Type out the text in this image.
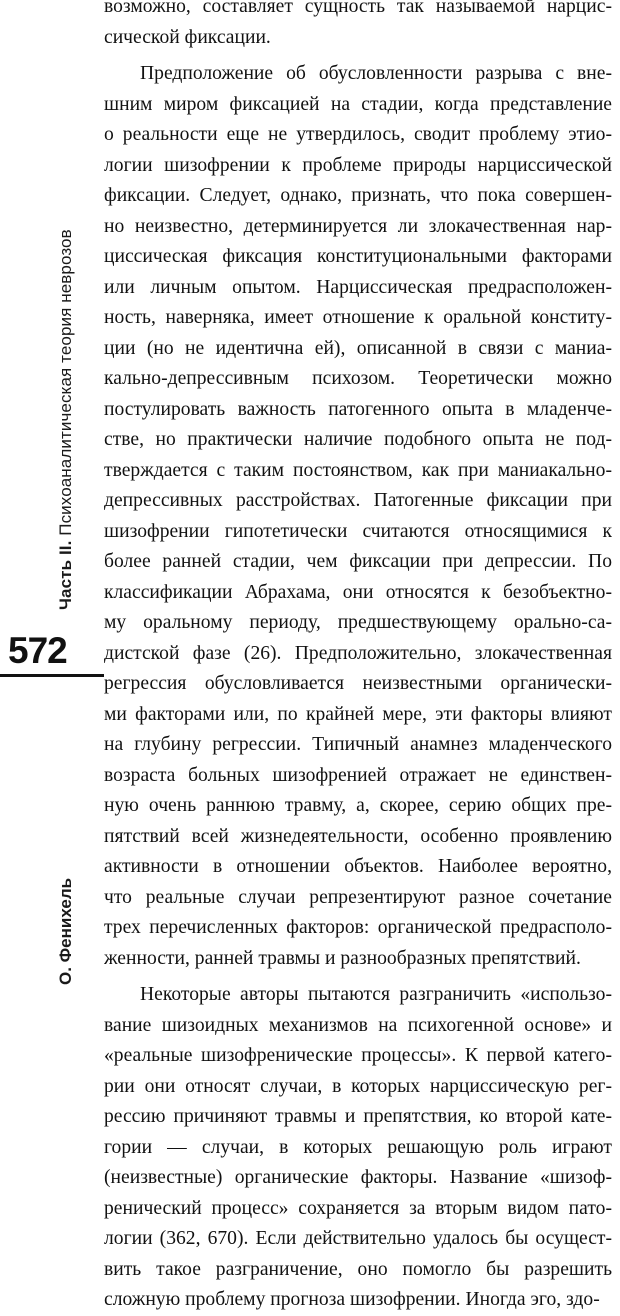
Часть II. Психоаналитическая теория неврозов
572
О. Фенихель
возможно, составляет сущность так называемой нарцис-
сической фиксации.
Предположение об обусловленности разрыва с вне-
шним миром фиксацией на стадии, когда представление
о реальности еще не утвердилось, сводит проблему этио-
логии шизофрении к проблеме природы нарциссической
фиксации. Следует, однако, признать, что пока совершен-
но неизвестно, детерминируется ли злокачественная нар-
циссическая фиксация конституциональными факторами
или личным опытом. Нарциссическая предрасположен-
ность, наверняка, имеет отношение к оральной конститу-
ции (но не идентична ей), описанной в связи с маниа-
кально-депрессивным психозом. Теоретически можно
постулировать важность патогенного опыта в младенче-
стве, но практически наличие подобного опыта не под-
тверждается с таким постоянством, как при маниакально-
депрессивных расстройствах. Патогенные фиксации при
шизофрении гипотетически считаются относящимися к
более ранней стадии, чем фиксации при депрессии. По
классификации Абрахама, они относятся к безобъектно-
му оральному периоду, предшествующему орально-са-
дистской фазе (26). Предположительно, злокачественная
регрессия обусловливается неизвестными органически-
ми факторами или, по крайней мере, эти факторы влияют
на глубину регрессии. Типичный анамнез младенческого
возраста больных шизофренией отражает не единствен-
ную очень раннюю травму, а, скорее, серию общих пре-
пятствий всей жизнедеятельности, особенно проявлению
активности в отношении объектов. Наиболее вероятно,
что реальные случаи репрезентируют разное сочетание
трех перечисленных факторов: органической предрасполо-
женности, ранней травмы и разнообразных препятствий.
Некоторые авторы пытаются разграничить «использо-
вание шизоидных механизмов на психогенной основе» и
«реальные шизофренические процессы». К первой катего-
рии они относят случаи, в которых нарциссическую рег-
рессию причиняют травмы и препятствия, ко второй кате-
гории — случаи, в которых решающую роль играют
(неизвестные) органические факторы. Название «шизоф-
ренический процесс» сохраняется за вторым видом пато-
логии (362, 670). Если действительно удалось бы осущест-
вить такое разграничение, оно помогло бы разрешить
сложную проблему прогноза шизофрении. Иногда эго, здо-
